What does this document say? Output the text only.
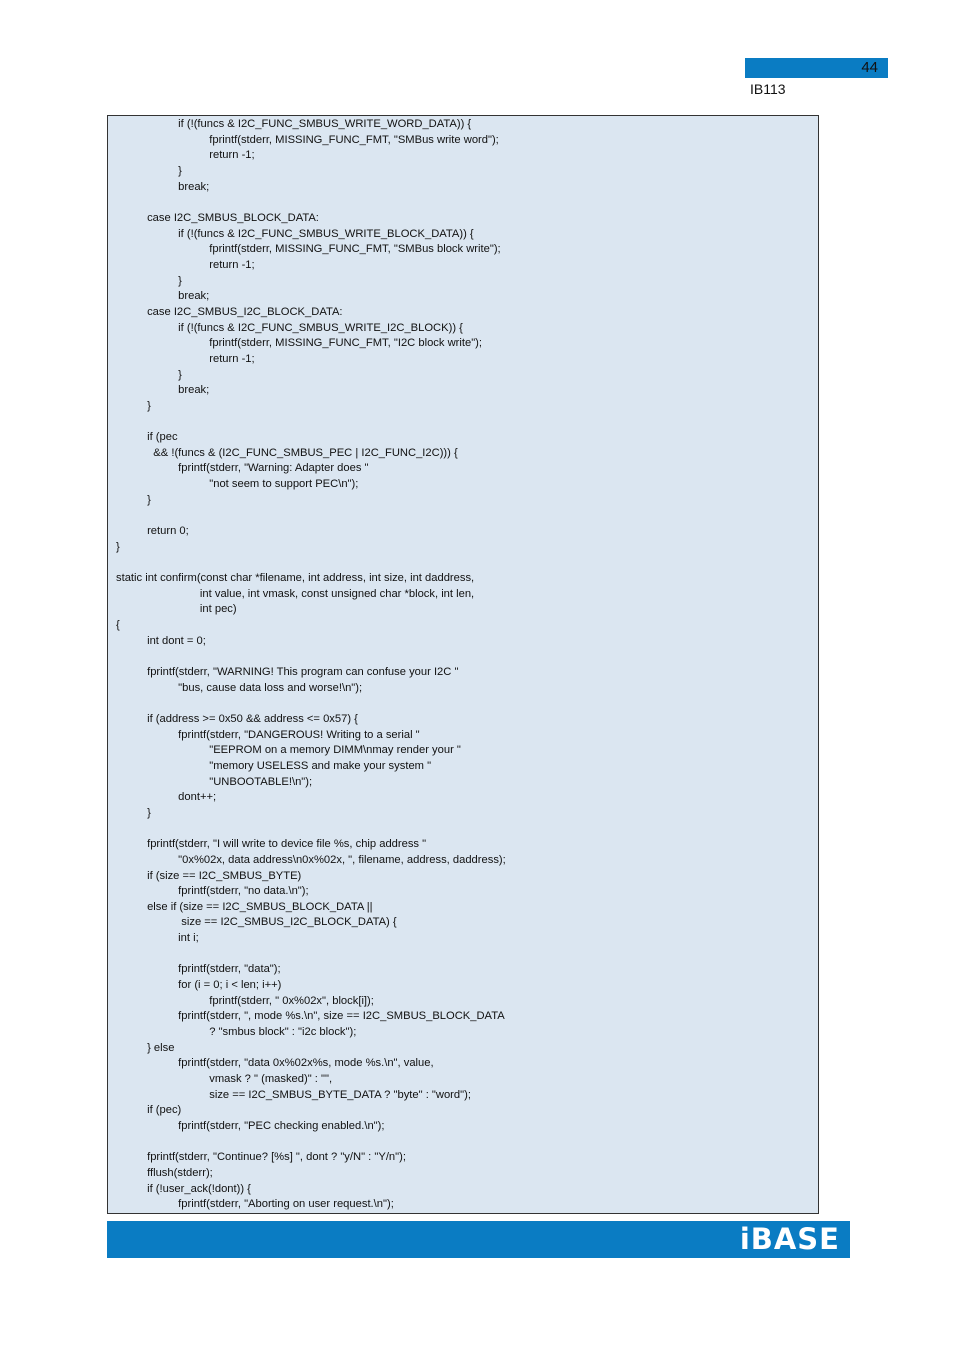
44
IB113
if (!(funcs & I2C_FUNC_SMBUS_WRITE_WORD_DATA)) {
fprintf(stderr, MISSING_FUNC_FMT, "SMBus write word");
return -1;
}
break;
case I2C_SMBUS_BLOCK_DATA:
if (!(funcs & I2C_FUNC_SMBUS_WRITE_BLOCK_DATA)) {
fprintf(stderr, MISSING_FUNC_FMT, "SMBus block write");
return -1;
}
break;
case I2C_SMBUS_I2C_BLOCK_DATA:
if (!(funcs & I2C_FUNC_SMBUS_WRITE_I2C_BLOCK)) {
fprintf(stderr, MISSING_FUNC_FMT, "I2C block write");
return -1;
}
break;
}
if (pec
&& !(funcs & (I2C_FUNC_SMBUS_PEC | I2C_FUNC_I2C))) {
fprintf(stderr, "Warning: Adapter does "
"not seem to support PEC\n");
}
return 0;
}
static int confirm(const char *filename, int address, int size, int daddress,
int value, int vmask, const unsigned char *block, int len,
int pec)
{
int dont = 0;
fprintf(stderr, "WARNING! This program can confuse your I2C "
"bus, cause data loss and worse!\n");
if (address >= 0x50 && address <= 0x57) {
fprintf(stderr, "DANGEROUS! Writing to a serial "
"EEPROM on a memory DIMM\nmay render your "
"memory USELESS and make your system "
"UNBOOTABLE!\n");
dont++;
}
fprintf(stderr, "I will write to device file %s, chip address "
"0x%02x, data address\n0x%02x, ", filename, address, daddress);
if (size == I2C_SMBUS_BYTE)
fprintf(stderr, "no data.\n");
else if (size == I2C_SMBUS_BLOCK_DATA ||
size == I2C_SMBUS_I2C_BLOCK_DATA) {
int i;
fprintf(stderr, "data");
for (i = 0; i < len; i++)
fprintf(stderr, " 0x%02x", block[i]);
fprintf(stderr, ", mode %s.\n", size == I2C_SMBUS_BLOCK_DATA
? "smbus block" : "i2c block");
} else
fprintf(stderr, "data 0x%02x%s, mode %s.\n", value,
vmask ? " (masked)" : "",
size == I2C_SMBUS_BYTE_DATA ? "byte" : "word");
if (pec)
fprintf(stderr, "PEC checking enabled.\n");
fprintf(stderr, "Continue? [%s] ", dont ? "y/N" : "Y/n");
fflush(stderr);
if (!user_ack(!dont)) {
fprintf(stderr, "Aborting on user request.\n");
iBASE
